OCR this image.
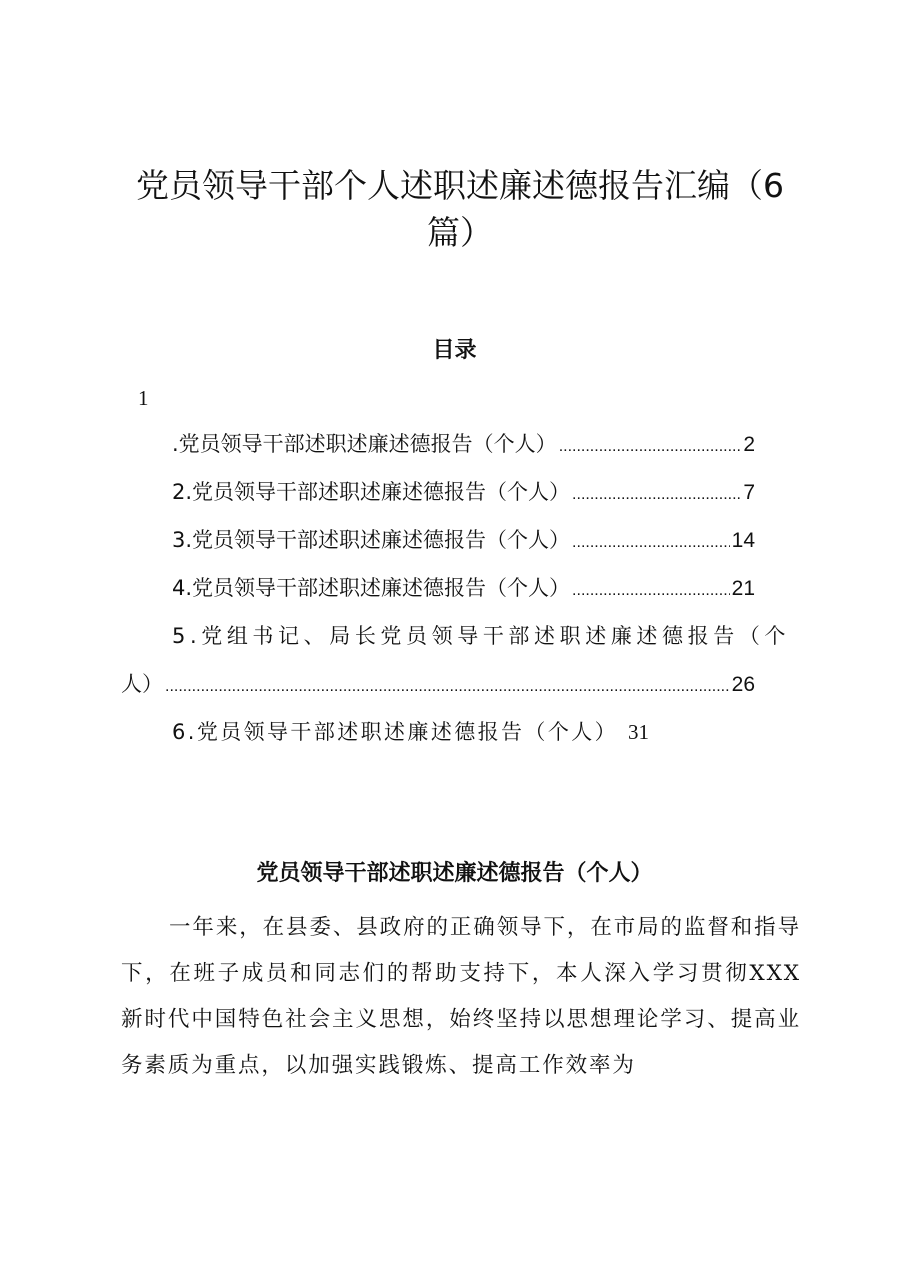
党员领导干部个人述职述廉述德报告汇编（6篇）
目录
1
.党员领导干部述职述廉述德报告（个人） .....	2
2.党员领导干部述职述廉述德报告（个人） .....	7
3.党员领导干部述职述廉述德报告（个人） .....	14
4.党员领导干部述职述廉述德报告（个人） .....	21
5.党组书记、局长党员领导干部述职述廉述德报告（个
人） .....	26
6.党员领导干部述职述廉述德报告（个人） 31
党员领导干部述职述廉述德报告（个人）
一年来，在县委、县政府的正确领导下，在市局的监督和指导下，在班子成员和同志们的帮助支持下，本人深入学习贯彻XXX新时代中国特色社会主义思想，始终坚持以思想理论学习、提高业务素质为重点，以加强实践锻炼、提高工作效率为
